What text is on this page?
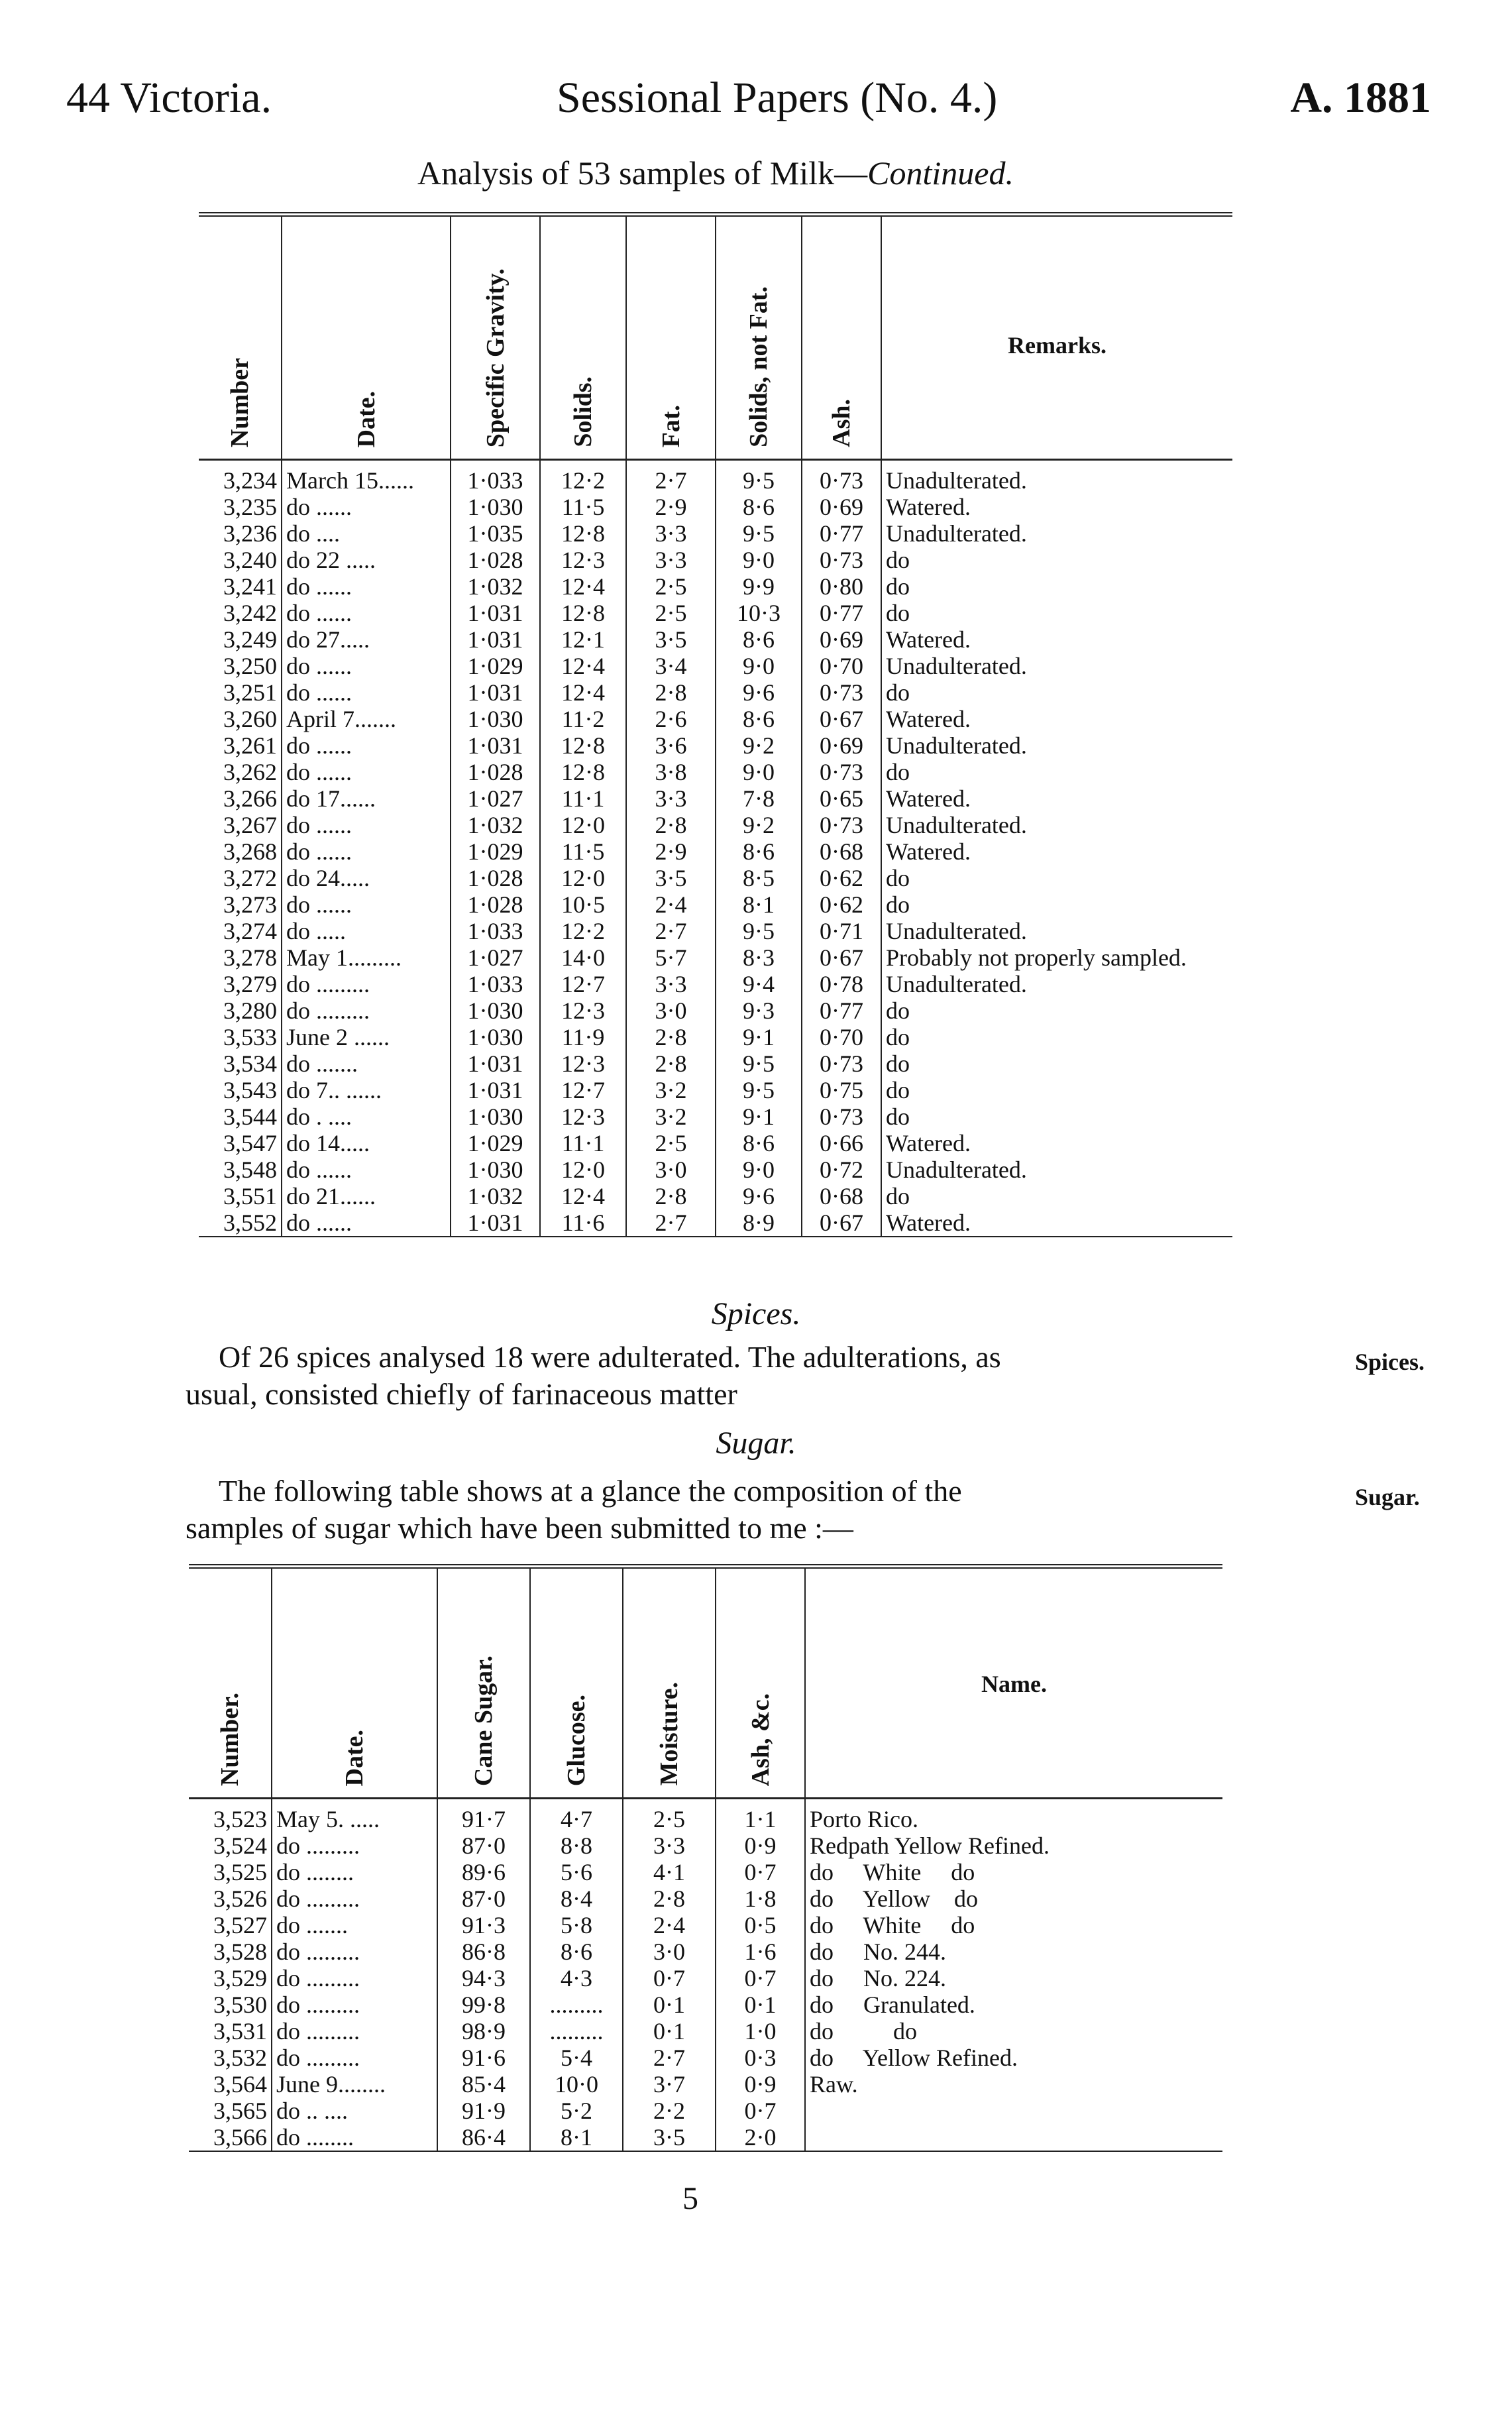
44 Victoria.	Sessional Papers (No. 4.)	A. 1881
Analysis of 53 samples of Milk—Continued.
Number	Date.	Specific Gravity.	Solids.	Fat.	Solids, not Fat.	Ash.	Remarks.

3,234	March 15......	1·033	12·2	2·7	9·5	0·73	Unadulterated.
3,235	do ......	1·030	11·5	2·9	8·6	0·69	Watered.
3,236	do ....	1·035	12·8	3·3	9·5	0·77	Unadulterated.
3,240	do 22 .....	1·028	12·3	3·3	9·0	0·73	do
3,241	do ......	1·032	12·4	2·5	9·9	0·80	do
3,242	do ......	1·031	12·8	2·5	10·3	0·77	do
3,249	do 27.....	1·031	12·1	3·5	8·6	0·69	Watered.
3,250	do ......	1·029	12·4	3·4	9·0	0·70	Unadulterated.
3,251	do ......	1·031	12·4	2·8	9·6	0·73	do
3,260	April 7.......	1·030	11·2	2·6	8·6	0·67	Watered.
3,261	do ......	1·031	12·8	3·6	9·2	0·69	Unadulterated.
3,262	do ......	1·028	12·8	3·8	9·0	0·73	do
3,266	do 17......	1·027	11·1	3·3	7·8	0·65	Watered.
3,267	do ......	1·032	12·0	2·8	9·2	0·73	Unadulterated.
3,268	do ......	1·029	11·5	2·9	8·6	0·68	Watered.
3,272	do 24.....	1·028	12·0	3·5	8·5	0·62	do
3,273	do ......	1·028	10·5	2·4	8·1	0·62	do
3,274	do .....	1·033	12·2	2·7	9·5	0·71	Unadulterated.
3,278	May 1.........	1·027	14·0	5·7	8·3	0·67	Probably not properly sampled.
3,279	do .........	1·033	12·7	3·3	9·4	0·78	Unadulterated.
3,280	do .........	1·030	12·3	3·0	9·3	0·77	do
3,533	June 2 ......	1·030	11·9	2·8	9·1	0·70	do
3,534	do .......	1·031	12·3	2·8	9·5	0·73	do
3,543	do 7.. ......	1·031	12·7	3·2	9·5	0·75	do
3,544	do . ....	1·030	12·3	3·2	9·1	0·73	do
3,547	do 14.....	1·029	11·1	2·5	8·6	0·66	Watered.
3,548	do ......	1·030	12·0	3·0	9·0	0·72	Unadulterated.
3,551	do 21......	1·032	12·4	2·8	9·6	0·68	do
3,552	do ......	1·031	11·6	2·7	8·9	0·67	Watered.
Spices.
Of 26 spices analysed 18 were adulterated. The adulterations, as
usual, consisted chiefly of farinaceous matter
Spices.
Sugar.
The following table shows at a glance the composition of the
samples of sugar which have been submitted to me :—
Sugar.
Number.	Date.	Cane Sugar.	Glucose.	Moisture.	Ash, &c.	Name.

3,523	May 5. .....	91·7	4·7	2·5	1·1	Porto Rico.
3,524	do .........	87·0	8·8	3·3	0·9	Redpath Yellow Refined.
3,525	do ........	89·6	5·6	4·1	0·7	do     White     do
3,526	do .........	87·0	8·4	2·8	1·8	do     Yellow    do
3,527	do .......	91·3	5·8	2·4	0·5	do     White     do
3,528	do .........	86·8	8·6	3·0	1·6	do     No. 244.
3,529	do .........	94·3	4·3	0·7	0·7	do     No. 224.
3,530	do .........	99·8	.........	0·1	0·1	do     Granulated.
3,531	do .........	98·9	.........	0·1	1·0	do          do
3,532	do .........	91·6	5·4	2·7	0·3	do     Yellow Refined.
3,564	June 9........	85·4	10·0	3·7	0·9	Raw.
3,565	do .. ....	91·9	5·2	2·2	0·7	
3,566	do ........	86·4	8·1	3·5	2·0	
5
